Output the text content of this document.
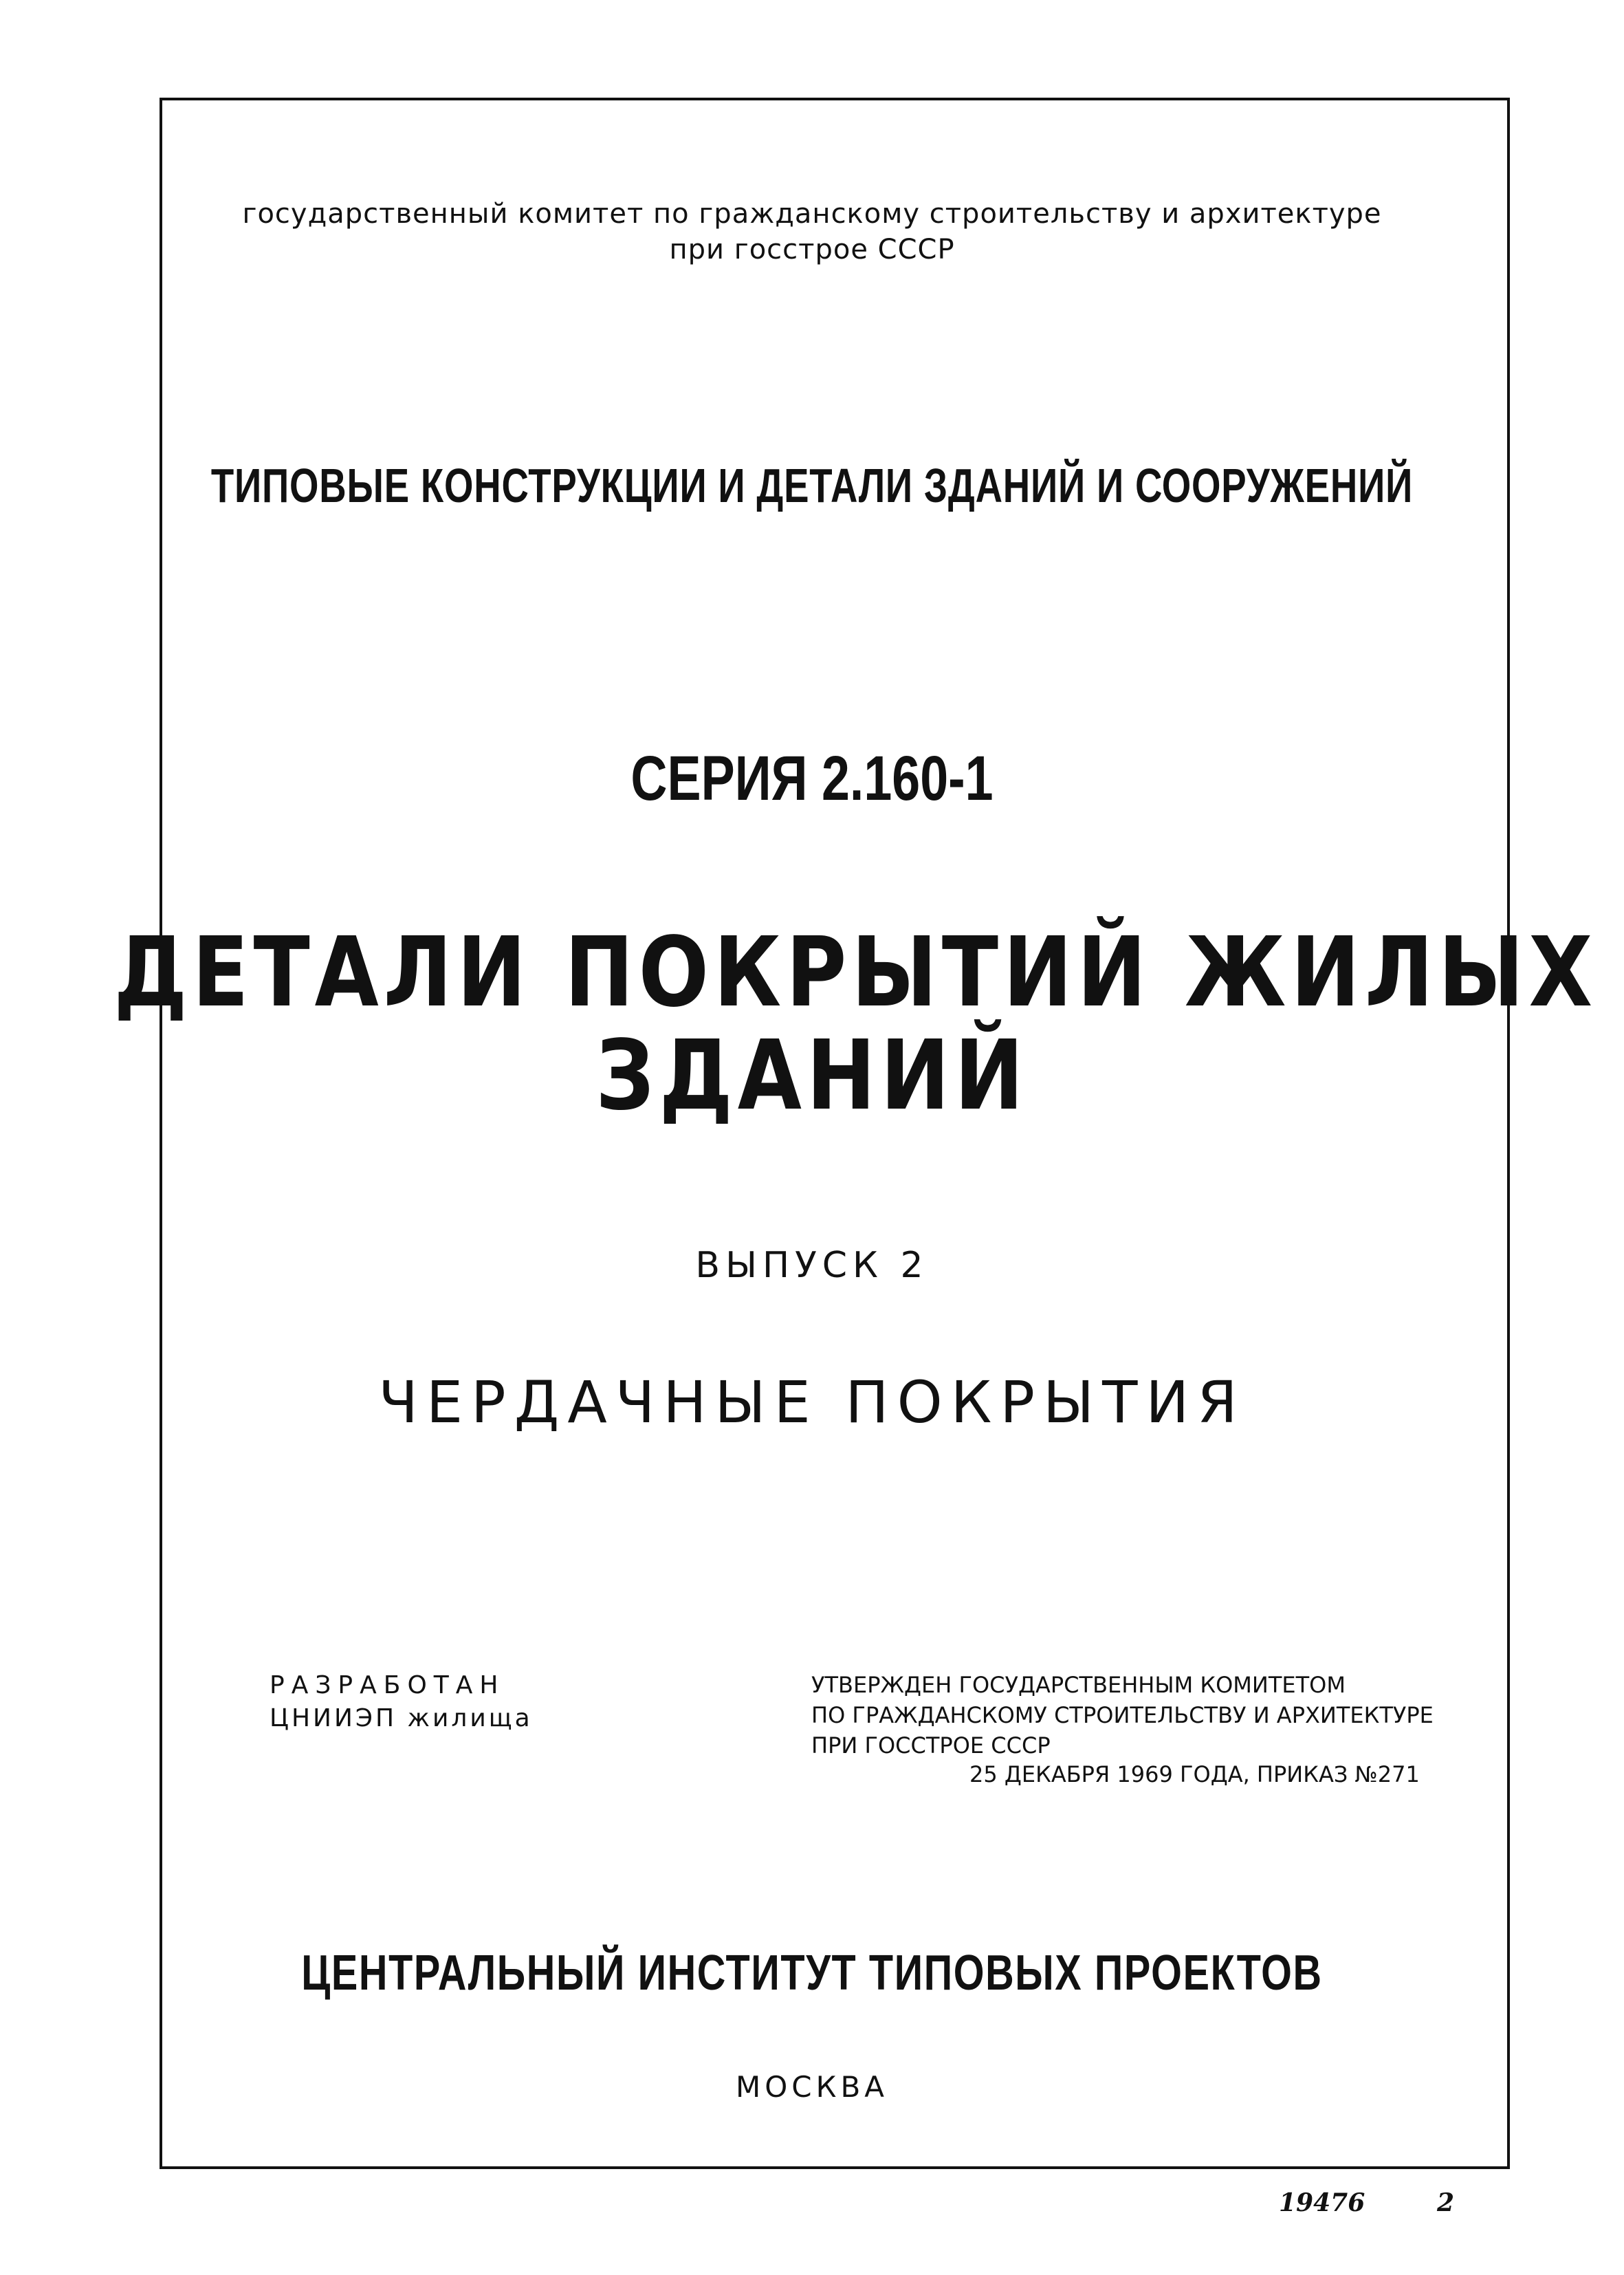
государственный комитет по гражданскому строительству и архитектуре
при госстрое СССР
ТИПОВЫЕ КОНСТРУКЦИИ И ДЕТАЛИ ЗДАНИЙ И СООРУЖЕНИЙ
СЕРИЯ 2.160-1
ДЕТАЛИ ПОКРЫТИЙ ЖИЛЫХ
ЗДАНИЙ
ВЫПУСК 2
ЧЕРДАЧНЫЕ ПОКРЫТИЯ
РАЗРАБОТАН
ЦНИИЭП жилища
УТВЕРЖДЕН ГОСУДАРСТВЕННЫМ КОМИТЕТОМ
ПО ГРАЖДАНСКОМУ СТРОИТЕЛЬСТВУ И АРХИТЕКТУРЕ
ПРИ ГОССТРОЕ СССР
25 ДЕКАБРЯ 1969 ГОДА, ПРИКАЗ №271
ЦЕНТРАЛЬНЫЙ ИНСТИТУТ ТИПОВЫХ ПРОЕКТОВ
МОСКВА
19476	2
